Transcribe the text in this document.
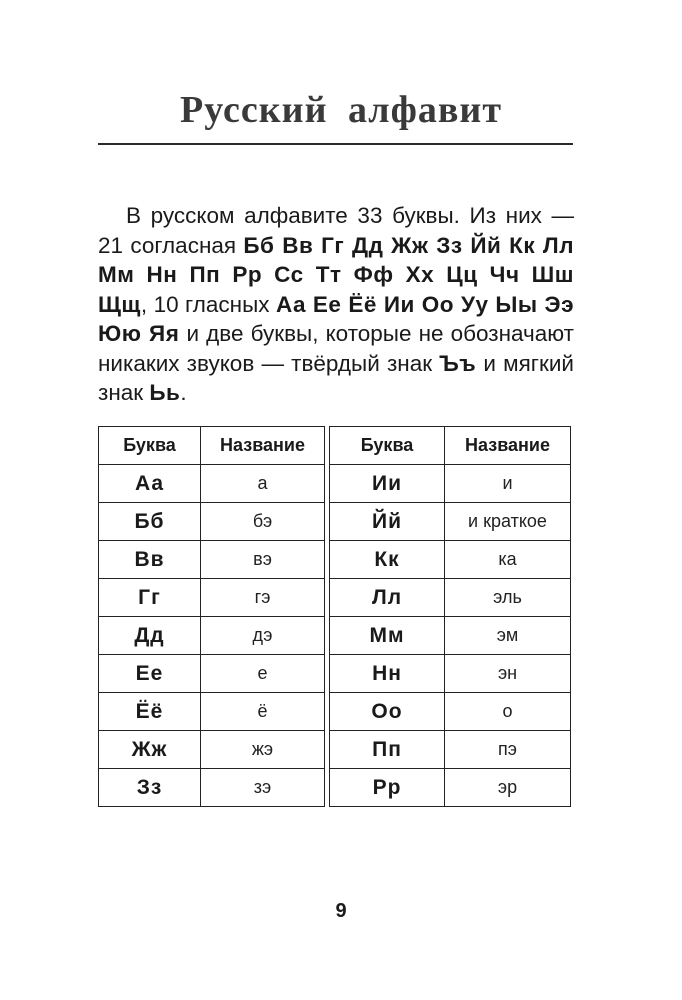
Русский алфавит

В русском алфавите 33 буквы. Из них — 21 согласная Бб Вв Гг Дд Жж Зз Йй Кк Лл Мм Нн Пп Рр Сс Тт Фф Хх Цц Чч Шш Щщ, 10 гласных Аа Ее Ёё Ии Оо Уу Ыы Ээ Юю Яя и две буквы, которые не обозначают никаких звуков — твёрдый знак Ъъ и мягкий знак Ьь.

Буква	Название		Буква	Название
Аа	а		Ии	и
Бб	бэ		Йй	и краткое
Вв	вэ		Кк	ка
Гг	гэ		Лл	эль
Дд	дэ		Мм	эм
Ее	е		Нн	эн
Ёё	ё		Оо	о
Жж	жэ		Пп	пэ
Зз	зэ		Рр	эр
9
